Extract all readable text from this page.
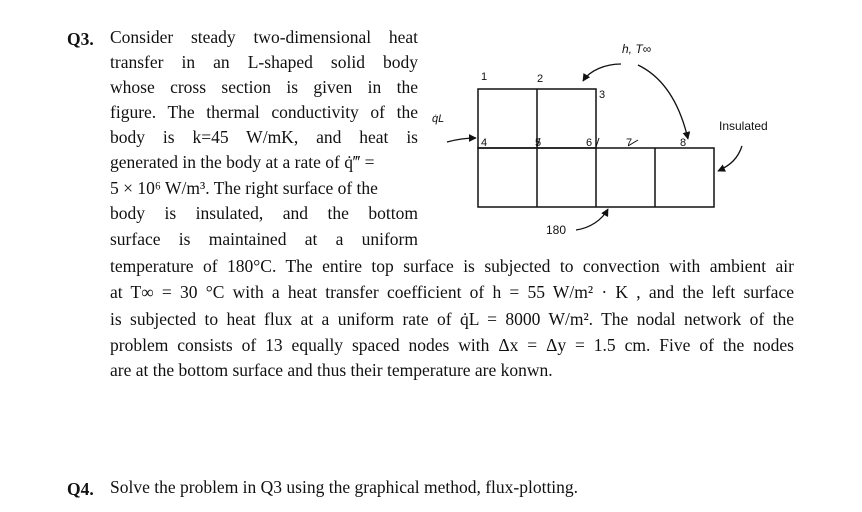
Q3. Consider steady two-dimensional heat
transfer in an L-shaped solid body
whose cross section is given in the
figure. The thermal conductivity of the
body is k=45 W/mK, and heat is
generated in the body at a rate of q̇‴ =
5 × 10⁶ W/m³. The right surface of the
body is insulated, and the bottom
surface is maintained at a uniform
temperature of 180°C. The entire top surface is subjected to convection with ambient air
at T∞ = 30 °C with a heat transfer coefficient of h = 55 W/m² · K , and the left surface
is subjected to heat flux at a uniform rate of q̇L = 8000 W/m². The nodal network of the
problem consists of 13 equally spaced nodes with Δx = Δy = 1.5 cm. Five of the nodes
are at the bottom surface and thus their temperature are konwn.
1	2
3
4	5	6	7	8
h, T∞
q̇L	Insulated
180
Q4. Solve the problem in Q3 using the graphical method, flux-plotting.
